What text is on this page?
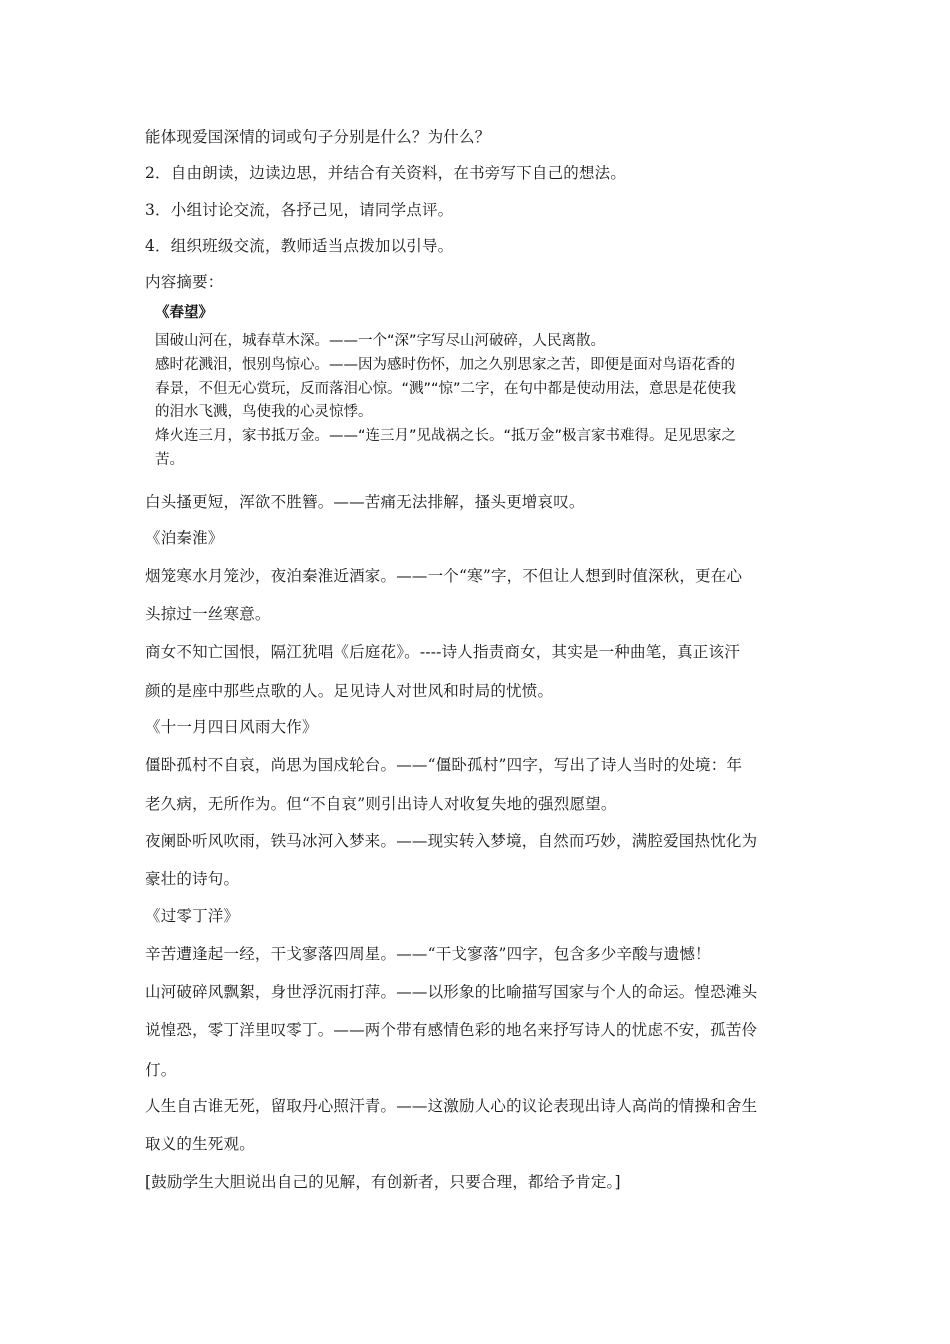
能体现爱国深情的词或句子分别是什么？为什么？
2．自由朗读，边读边思，并结合有关资料，在书旁写下自己的想法。
3．小组讨论交流，各抒己见，请同学点评。
4．组织班级交流，教师适当点拨加以引导。
内容摘要：
《春望》
国破山河在，城春草木深。——一个“深”字写尽山河破碎，人民离散。
感时花溅泪，恨别鸟惊心。——因为感时伤怀，加之久别思家之苦，即便是面对鸟语花香的
春景，不但无心赏玩，反而落泪心惊。“溅”“惊”二字，在句中都是使动用法，意思是花使我
的泪水飞溅，鸟使我的心灵惊悸。
烽火连三月，家书抵万金。——“连三月”见战祸之长。“抵万金”极言家书难得。足见思家之
苦。
白头搔更短，浑欲不胜簪。——苦痛无法排解，搔头更增哀叹。
《泊秦淮》
烟笼寒水月笼沙，夜泊秦淮近酒家。——一个“寒”字，不但让人想到时值深秋，更在心
头掠过一丝寒意。
商女不知亡国恨，隔江犹唱《后庭花》。----诗人指责商女，其实是一种曲笔，真正该汗
颜的是座中那些点歌的人。足见诗人对世风和时局的忧愤。
《十一月四日风雨大作》
僵卧孤村不自哀，尚思为国戍轮台。——“僵卧孤村”四字，写出了诗人当时的处境：年
老久病，无所作为。但“不自哀”则引出诗人对收复失地的强烈愿望。
夜阑卧听风吹雨，铁马冰河入梦来。——现实转入梦境，自然而巧妙，满腔爱国热忱化为
豪壮的诗句。
《过零丁洋》
辛苦遭逢起一经，干戈寥落四周星。——“干戈寥落”四字，包含多少辛酸与遗憾！
山河破碎风飘絮，身世浮沉雨打萍。——以形象的比喻描写国家与个人的命运。惶恐滩头
说惶恐，零丁洋里叹零丁。——两个带有感情色彩的地名来抒写诗人的忧虑不安，孤苦伶
仃。
人生自古谁无死，留取丹心照汗青。——这激励人心的议论表现出诗人高尚的情操和舍生
取义的生死观。
[鼓励学生大胆说出自己的见解，有创新者，只要合理，都给予肯定。]
